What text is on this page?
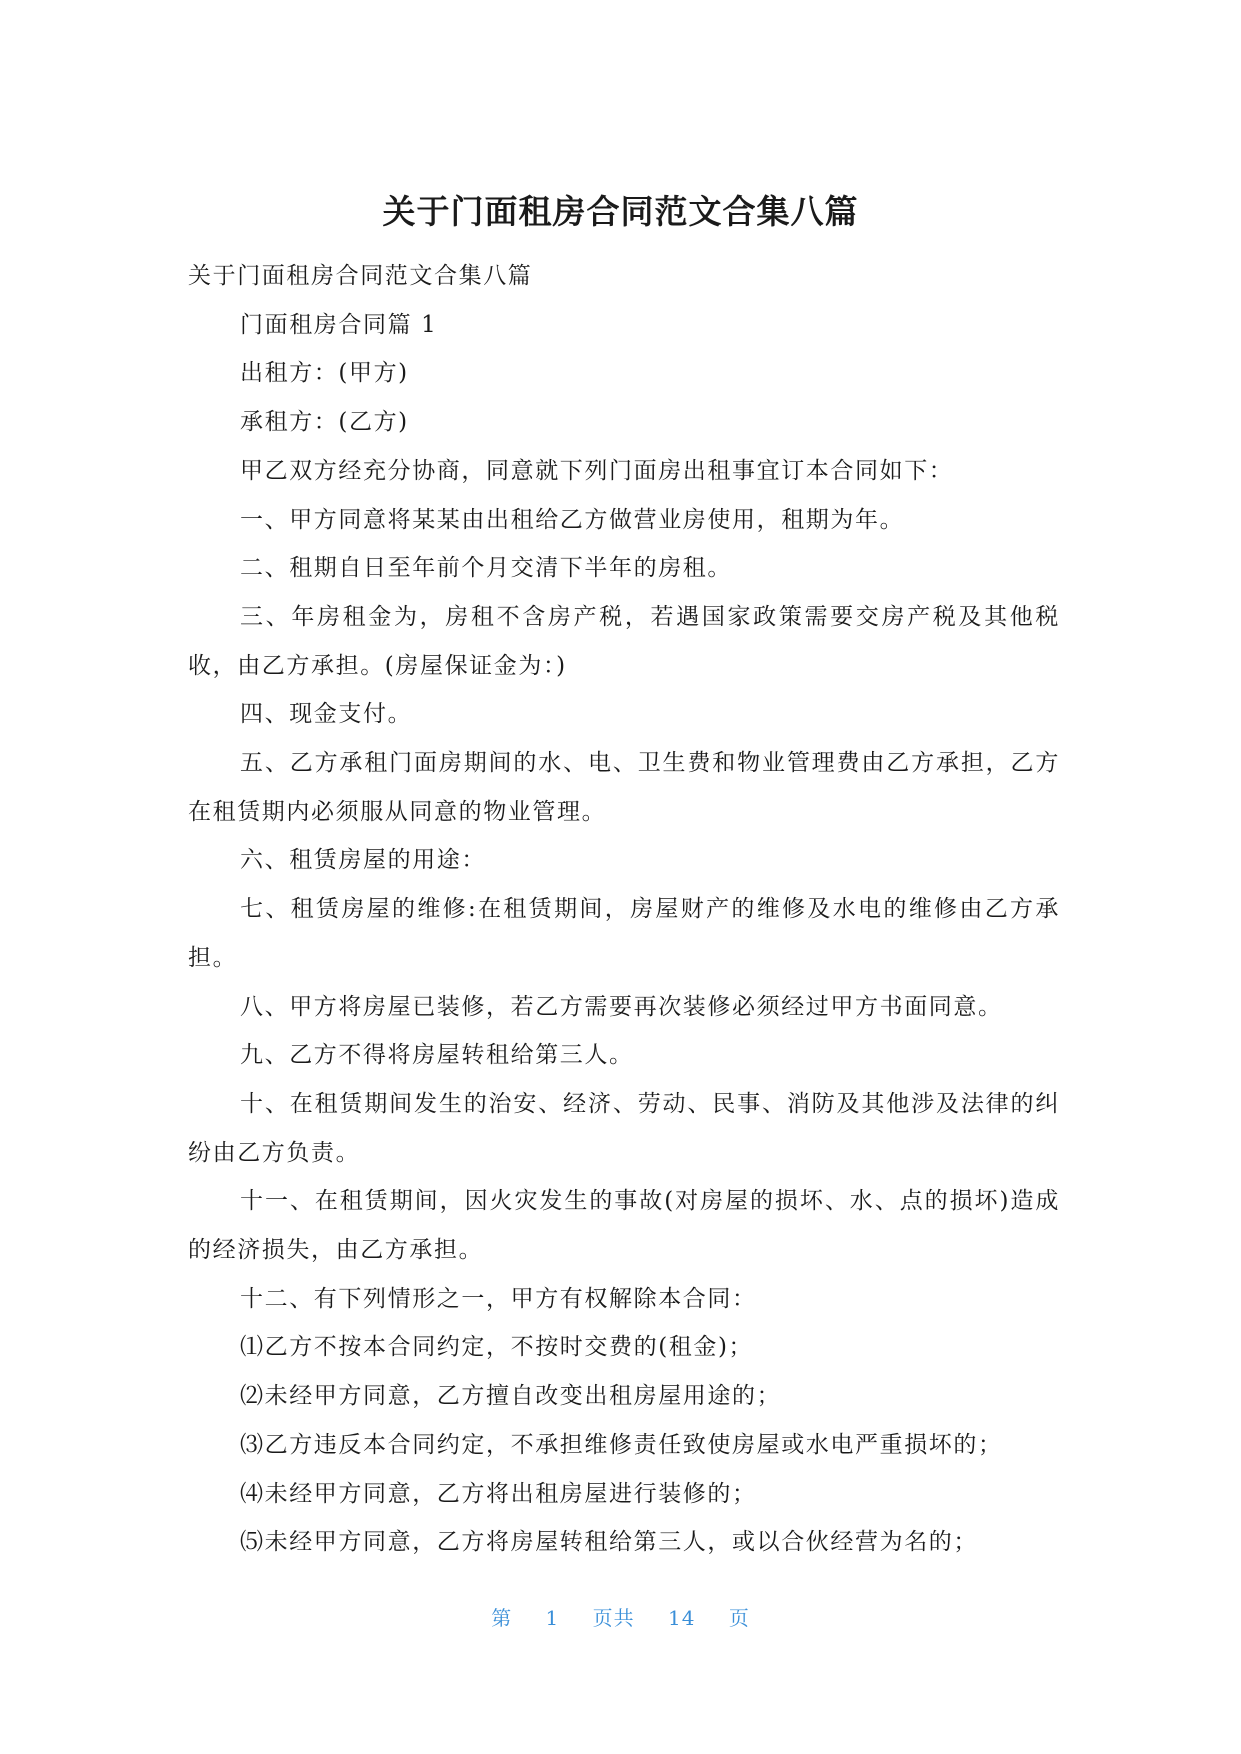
关于门面租房合同范文合集八篇

关于门面租房合同范文合集八篇

门面租房合同篇 1

出租方：(甲方)

承租方：(乙方)

甲乙双方经充分协商，同意就下列门面房出租事宜订本合同如下：

一、甲方同意将某某由出租给乙方做营业房使用，租期为年。

二、租期自日至年前个月交清下半年的房租。

三、年房租金为，房租不含房产税，若遇国家政策需要交房产税及其他税收，由乙方承担。(房屋保证金为：)

四、现金支付。

五、乙方承租门面房期间的水、电、卫生费和物业管理费由乙方承担，乙方在租赁期内必须服从同意的物业管理。

六、租赁房屋的用途：

七、租赁房屋的维修:在租赁期间，房屋财产的维修及水电的维修由乙方承担。

八、甲方将房屋已装修，若乙方需要再次装修必须经过甲方书面同意。

九、乙方不得将房屋转租给第三人。

十、在租赁期间发生的治安、经济、劳动、民事、消防及其他涉及法律的纠纷由乙方负责。

十一、在租赁期间，因火灾发生的事故(对房屋的损坏、水、点的损坏)造成的经济损失，由乙方承担。

十二、有下列情形之一，甲方有权解除本合同：

⑴乙方不按本合同约定，不按时交费的(租金)；

⑵未经甲方同意，乙方擅自改变出租房屋用途的；

⑶乙方违反本合同约定，不承担维修责任致使房屋或水电严重损坏的；

⑷未经甲方同意，乙方将出租房屋进行装修的；

⑸未经甲方同意，乙方将房屋转租给第三人，或以合伙经营为名的；

第 1 页共 14 页
